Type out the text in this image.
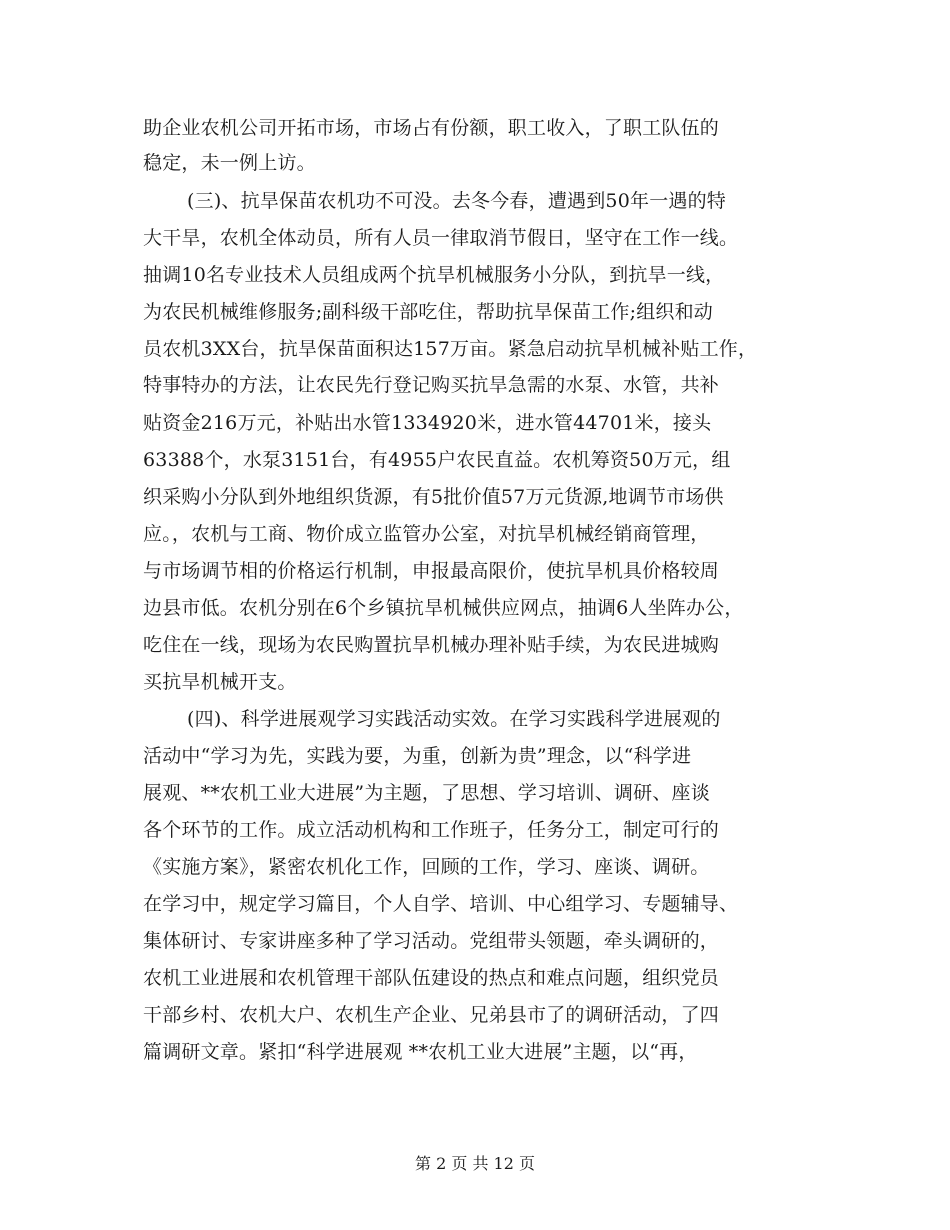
助企业农机公司开拓市场，市场占有份额，职工收入，了职工队伍的
稳定，未一例上访。
(三)、抗旱保苗农机功不可没。去冬今春，遭遇到50年一遇的特
大干旱，农机全体动员，所有人员一律取消节假日，坚守在工作一线。
抽调10名专业技术人员组成两个抗旱机械服务小分队，到抗旱一线，
为农民机械维修服务;副科级干部吃住，帮助抗旱保苗工作;组织和动
员农机3XX台，抗旱保苗面积达157万亩。紧急启动抗旱机械补贴工作，
特事特办的方法，让农民先行登记购买抗旱急需的水泵、水管，共补
贴资金216万元，补贴出水管1334920米，进水管44701米，接头
63388个，水泵3151台，有4955户农民直益。农机筹资50万元，组
织采购小分队到外地组织货源，有5批价值57万元货源,地调节市场供
应。，农机与工商、物价成立监管办公室，对抗旱机械经销商管理，
与市场调节相的价格运行机制，申报最高限价，使抗旱机具价格较周
边县市低。农机分别在6个乡镇抗旱机械供应网点，抽调6人坐阵办公，
吃住在一线，现场为农民购置抗旱机械办理补贴手续，为农民进城购
买抗旱机械开支。
(四)、科学进展观学习实践活动实效。在学习实践科学进展观的
活动中“学习为先，实践为要，为重，创新为贵”理念，以“科学进
展观、**农机工业大进展”为主题，了思想、学习培训、调研、座谈
各个环节的工作。成立活动机构和工作班子，任务分工，制定可行的
《实施方案》，紧密农机化工作，回顾的工作，学习、座谈、调研。
在学习中，规定学习篇目，个人自学、培训、中心组学习、专题辅导、
集体研讨、专家讲座多种了学习活动。党组带头领题，牵头调研的，
农机工业进展和农机管理干部队伍建设的热点和难点问题，组织党员
干部乡村、农机大户、农机生产企业、兄弟县市了的调研活动，了四
篇调研文章。紧扣“科学进展观 **农机工业大进展”主题，以“再，
第 2 页 共 12 页
